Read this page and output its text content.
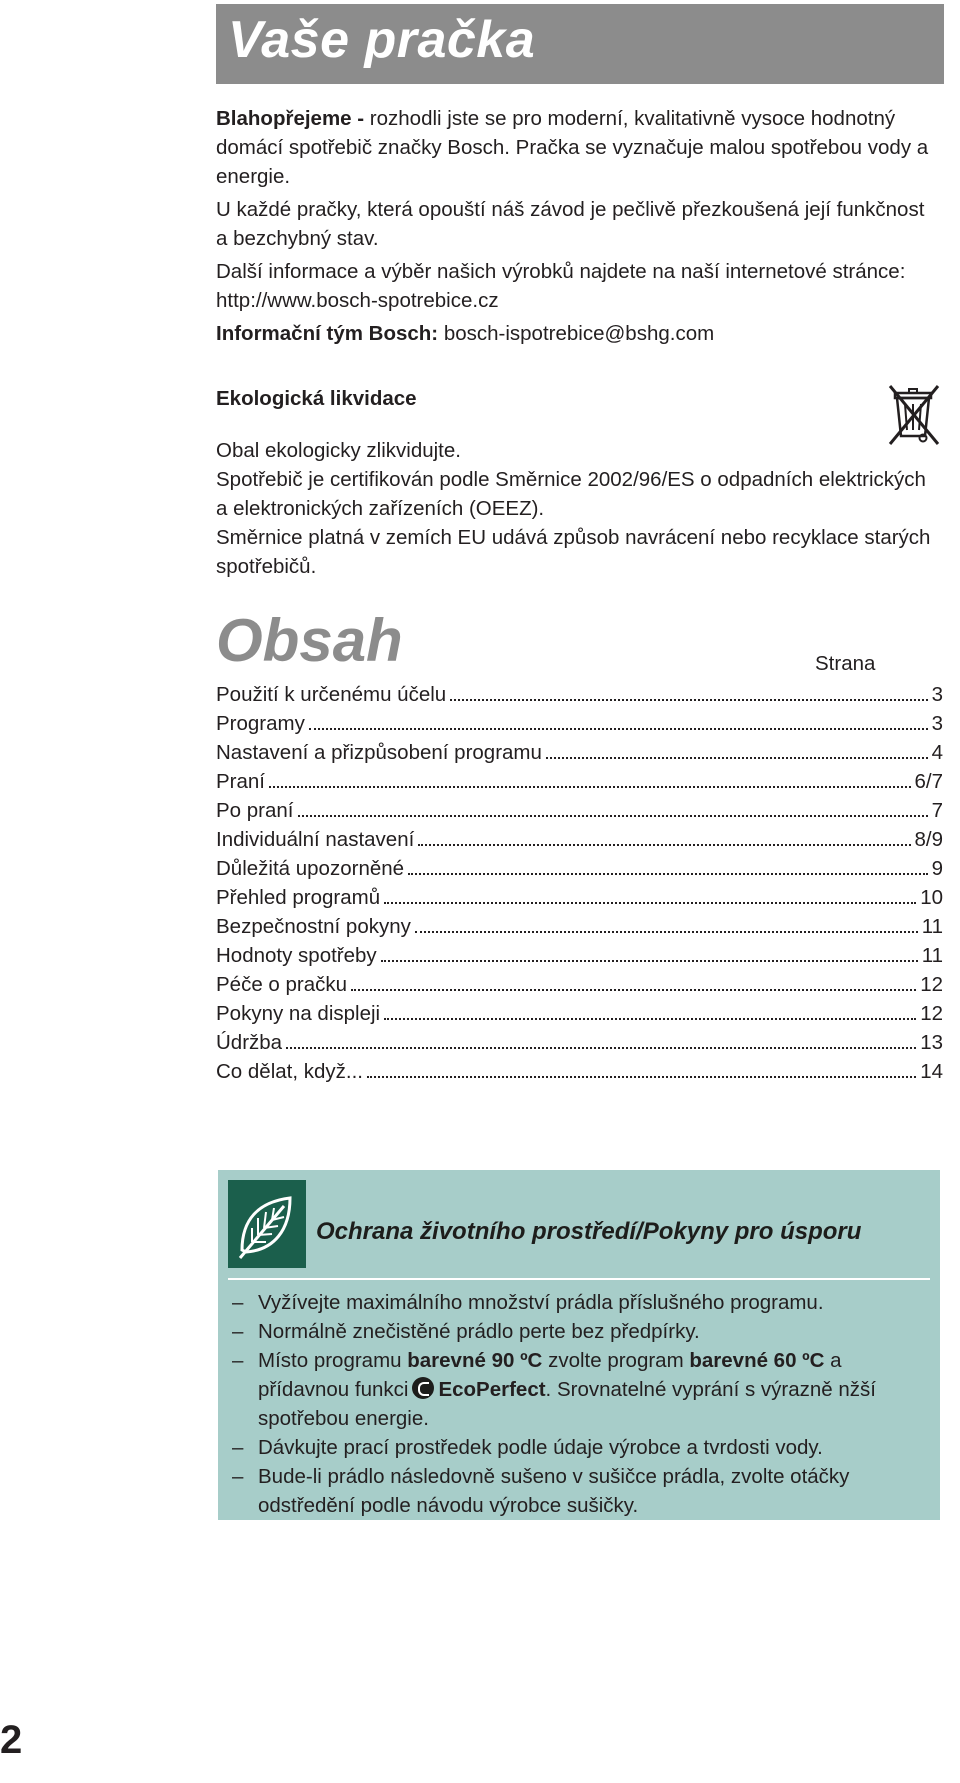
Vaše pračka

Blahopřejeme - rozhodli jste se pro moderní, kvalitativně vysoce hodnotný domácí spotřebič značky Bosch. Pračka se vyznačuje malou spotřebou vody a energie.

U každé pračky, která opouští náš závod je pečlivě přezkoušená její funkčnost a bezchybný stav.

Další informace a výběr našich výrobků najdete na naší internetové stránce: http://www.bosch-spotrebice.cz

Informační tým Bosch: bosch-ispotrebice@bshg.com

Ekologická likvidace

Obal ekologicky zlikvidujte.

Spotřebič je certifikován podle Směrnice 2002/96/ES o odpadních elektrických a elektronických zařízeních (OEEZ).

Směrnice platná v zemích EU udává způsob navrácení nebo recyklace starých spotřebičů.

Obsah	Strana
Použití k určenému účelu	3
Programy	3
Nastavení a přizpůsobení programu	4
Praní	6/7
Po praní	7
Individuální nastavení	8/9
Důležitá upozorněné	9
Přehled programů	10
Bezpečnostní pokyny	11
Hodnoty spotřeby	11
Péče o pračku	12
Pokyny na displeji	12
Údržba	13
Co dělat, když...	14
Ochrana životního prostředí/Pokyny pro úsporu
– Vyžívejte maximálního množství prádla příslušného programu.
– Normálně znečistěné prádlo perte bez předpírky.
– Místo programu barevné 90 ºC zvolte program barevné 60 ºC a přídavnou funkci EcoPerfect. Srovnatelné vyprání s výrazně nžší spotřebou energie.
– Dávkujte prací prostředek podle údaje výrobce a tvrdosti vody.
– Bude-li prádlo následovně sušeno v sušičce prádla, zvolte otáčky odstředění podle návodu výrobce sušičky.
2
